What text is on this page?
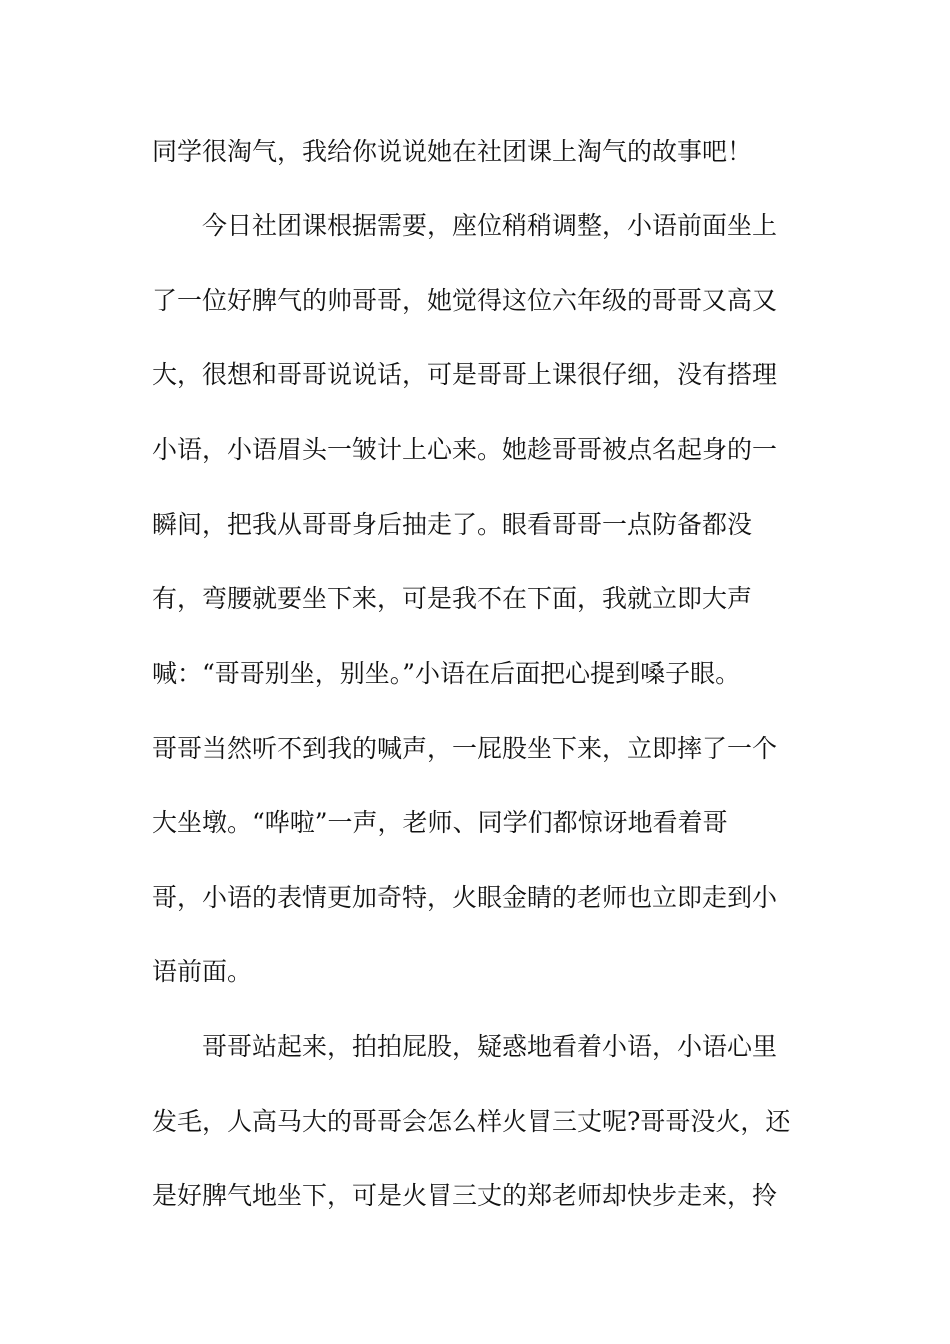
同学很淘气，我给你说说她在社团课上淘气的故事吧！
今日社团课根据需要，座位稍稍调整，小语前面坐上
了一位好脾气的帅哥哥，她觉得这位六年级的哥哥又高又
大，很想和哥哥说说话，可是哥哥上课很仔细，没有搭理
小语，小语眉头一皱计上心来。她趁哥哥被点名起身的一
瞬间，把我从哥哥身后抽走了。眼看哥哥一点防备都没
有，弯腰就要坐下来，可是我不在下面，我就立即大声
喊：“哥哥别坐，别坐。”小语在后面把心提到嗓子眼。
哥哥当然听不到我的喊声，一屁股坐下来，立即摔了一个
大坐墩。“哗啦”一声，老师、同学们都惊讶地看着哥
哥，小语的表情更加奇特，火眼金睛的老师也立即走到小
语前面。
哥哥站起来，拍拍屁股，疑惑地看着小语，小语心里
发毛，人高马大的哥哥会怎么样火冒三丈呢?哥哥没火，还
是好脾气地坐下，可是火冒三丈的郑老师却快步走来，拎
